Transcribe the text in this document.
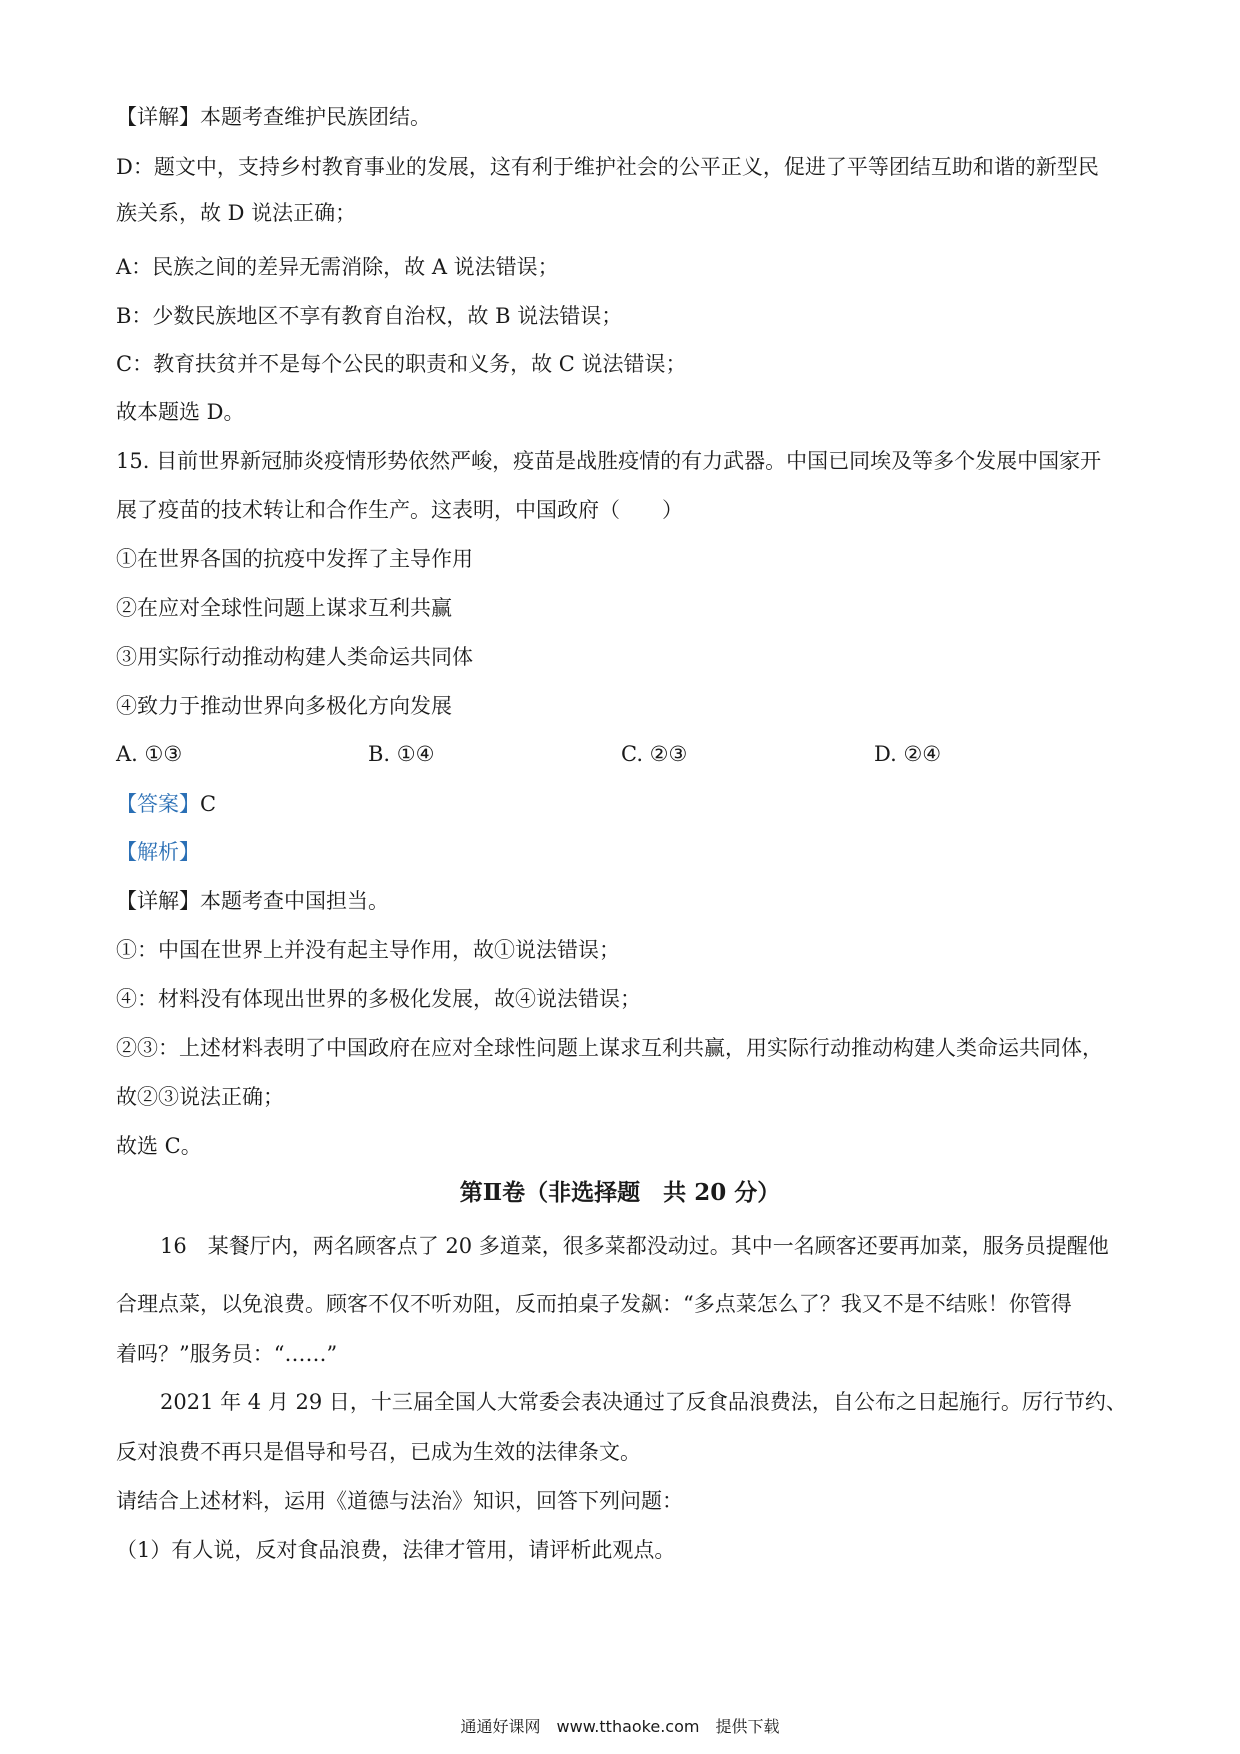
【详解】本题考查维护民族团结。
D：题文中，支持乡村教育事业的发展，这有利于维护社会的公平正义，促进了平等团结互助和谐的新型民
族关系，故 D 说法正确；
A：民族之间的差异无需消除，故 A 说法错误；
B：少数民族地区不享有教育自治权，故 B 说法错误；
C：教育扶贫并不是每个公民的职责和义务，故 C 说法错误；
故本题选 D。
15. 目前世界新冠肺炎疫情形势依然严峻，疫苗是战胜疫情的有力武器。中国已同埃及等多个发展中国家开
展了疫苗的技术转让和合作生产。这表明，中国政府（　　）
①在世界各国的抗疫中发挥了主导作用
②在应对全球性问题上谋求互利共赢
③用实际行动推动构建人类命运共同体
④致力于推动世界向多极化方向发展
A. ①③	B. ①④	C. ②③	D. ②④
【答案】C
【解析】
【详解】本题考查中国担当。
①：中国在世界上并没有起主导作用，故①说法错误；
④：材料没有体现出世界的多极化发展，故④说法错误；
②③：上述材料表明了中国政府在应对全球性问题上谋求互利共赢，用实际行动推动构建人类命运共同体，
故②③说法正确；
故选 C。
第Ⅱ卷（非选择题　共 20 分）
16　某餐厅内，两名顾客点了 20 多道菜，很多菜都没动过。其中一名顾客还要再加菜，服务员提醒他
合理点菜，以免浪费。顾客不仅不听劝阻，反而拍桌子发飙：“多点菜怎么了？我又不是不结账！你管得
着吗？”服务员：“……”
2021 年 4 月 29 日，十三届全国人大常委会表决通过了反食品浪费法，自公布之日起施行。厉行节约、
反对浪费不再只是倡导和号召，已成为生效的法律条文。
请结合上述材料，运用《道德与法治》知识，回答下列问题：
（1）有人说，反对食品浪费，法律才管用，请评析此观点。
通通好课网　www.tthaoke.com　提供下载
